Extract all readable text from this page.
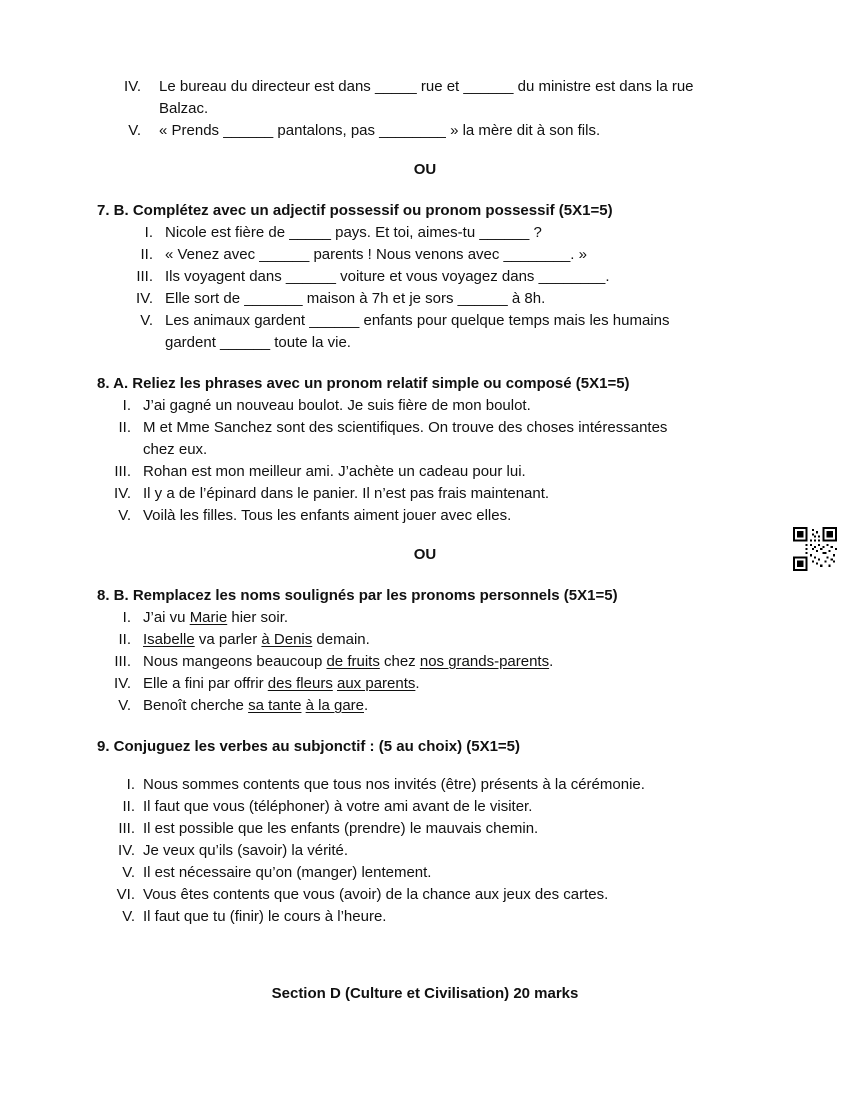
IV. Le bureau du directeur est dans _____ rue et ______ du ministre est dans la rue
Balzac.
V. « Prends ______ pantalons, pas ________ » la mère dit à son fils.
OU
7. B. Complétez avec un adjectif possessif ou pronom possessif (5X1=5)
I. Nicole est fière de _____ pays. Et toi, aimes-tu ______ ?
II. « Venez avec ______ parents ! Nous venons avec ________. »
III. Ils voyagent dans ______ voiture et vous voyagez dans ________.
IV. Elle sort de _______ maison à 7h et je sors ______ à 8h.
V. Les animaux gardent ______ enfants pour quelque temps mais les humains
gardent ______ toute la vie.
8. A. Reliez les phrases avec un pronom relatif simple ou composé (5X1=5)
I. J’ai gagné un nouveau boulot. Je suis fière de mon boulot.
II. M et Mme Sanchez sont des scientifiques. On trouve des choses intéressantes
chez eux.
III. Rohan est mon meilleur ami. J’achète un cadeau pour lui.
IV. Il y a de l’épinard dans le panier. Il n’est pas frais maintenant.
V. Voilà les filles. Tous les enfants aiment jouer avec elles.
OU
8. B. Remplacez les noms soulignés par les pronoms personnels (5X1=5)
I. J’ai vu Marie hier soir.
II. Isabelle va parler à Denis demain.
III. Nous mangeons beaucoup de fruits chez nos grands-parents.
IV. Elle a fini par offrir des fleurs aux parents.
V. Benoît cherche sa tante à la gare.
9. Conjuguez les verbes au subjonctif : (5 au choix) (5X1=5)
I. Nous sommes contents que tous nos invités (être) présents à la cérémonie.
II. Il faut que vous (téléphoner) à votre ami avant de le visiter.
III. Il est possible que les enfants (prendre) le mauvais chemin.
IV. Je veux qu’ils (savoir) la vérité.
V. Il est nécessaire qu’on (manger) lentement.
VI. Vous êtes contents que vous (avoir) de la chance aux jeux des cartes.
V. Il faut que tu (finir) le cours à l’heure.
Section D (Culture et Civilisation) 20 marks
